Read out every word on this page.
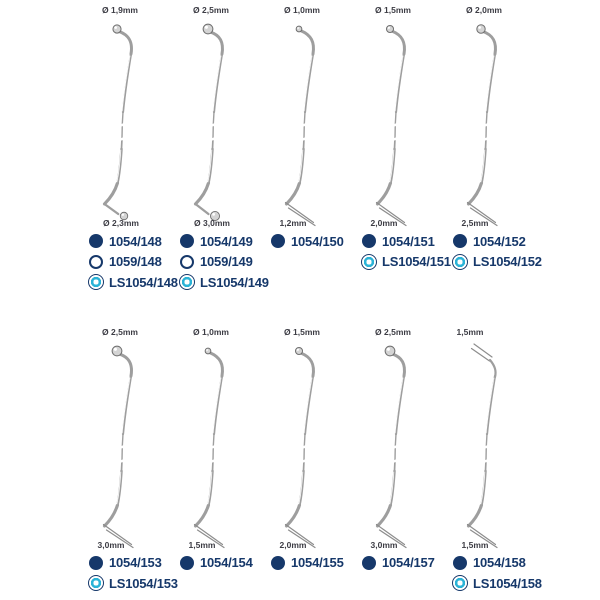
Ø 1,9mm
Ø 2,3mm
1054/148
1059/148
LS1054/148
Ø 2,5mm
Ø 3,0mm
1054/149
1059/149
LS1054/149
Ø 1,0mm
1,2mm
1054/150
Ø 1,5mm
2,0mm
1054/151
LS1054/151
Ø 2,0mm
2,5mm
1054/152
LS1054/152
Ø 2,5mm
3,0mm
1054/153
LS1054/153
Ø 1,0mm
1,5mm
1054/154
Ø 1,5mm
2,0mm
1054/155
Ø 2,5mm
3,0mm
1054/157
1,5mm
1,5mm
1054/158
LS1054/158
